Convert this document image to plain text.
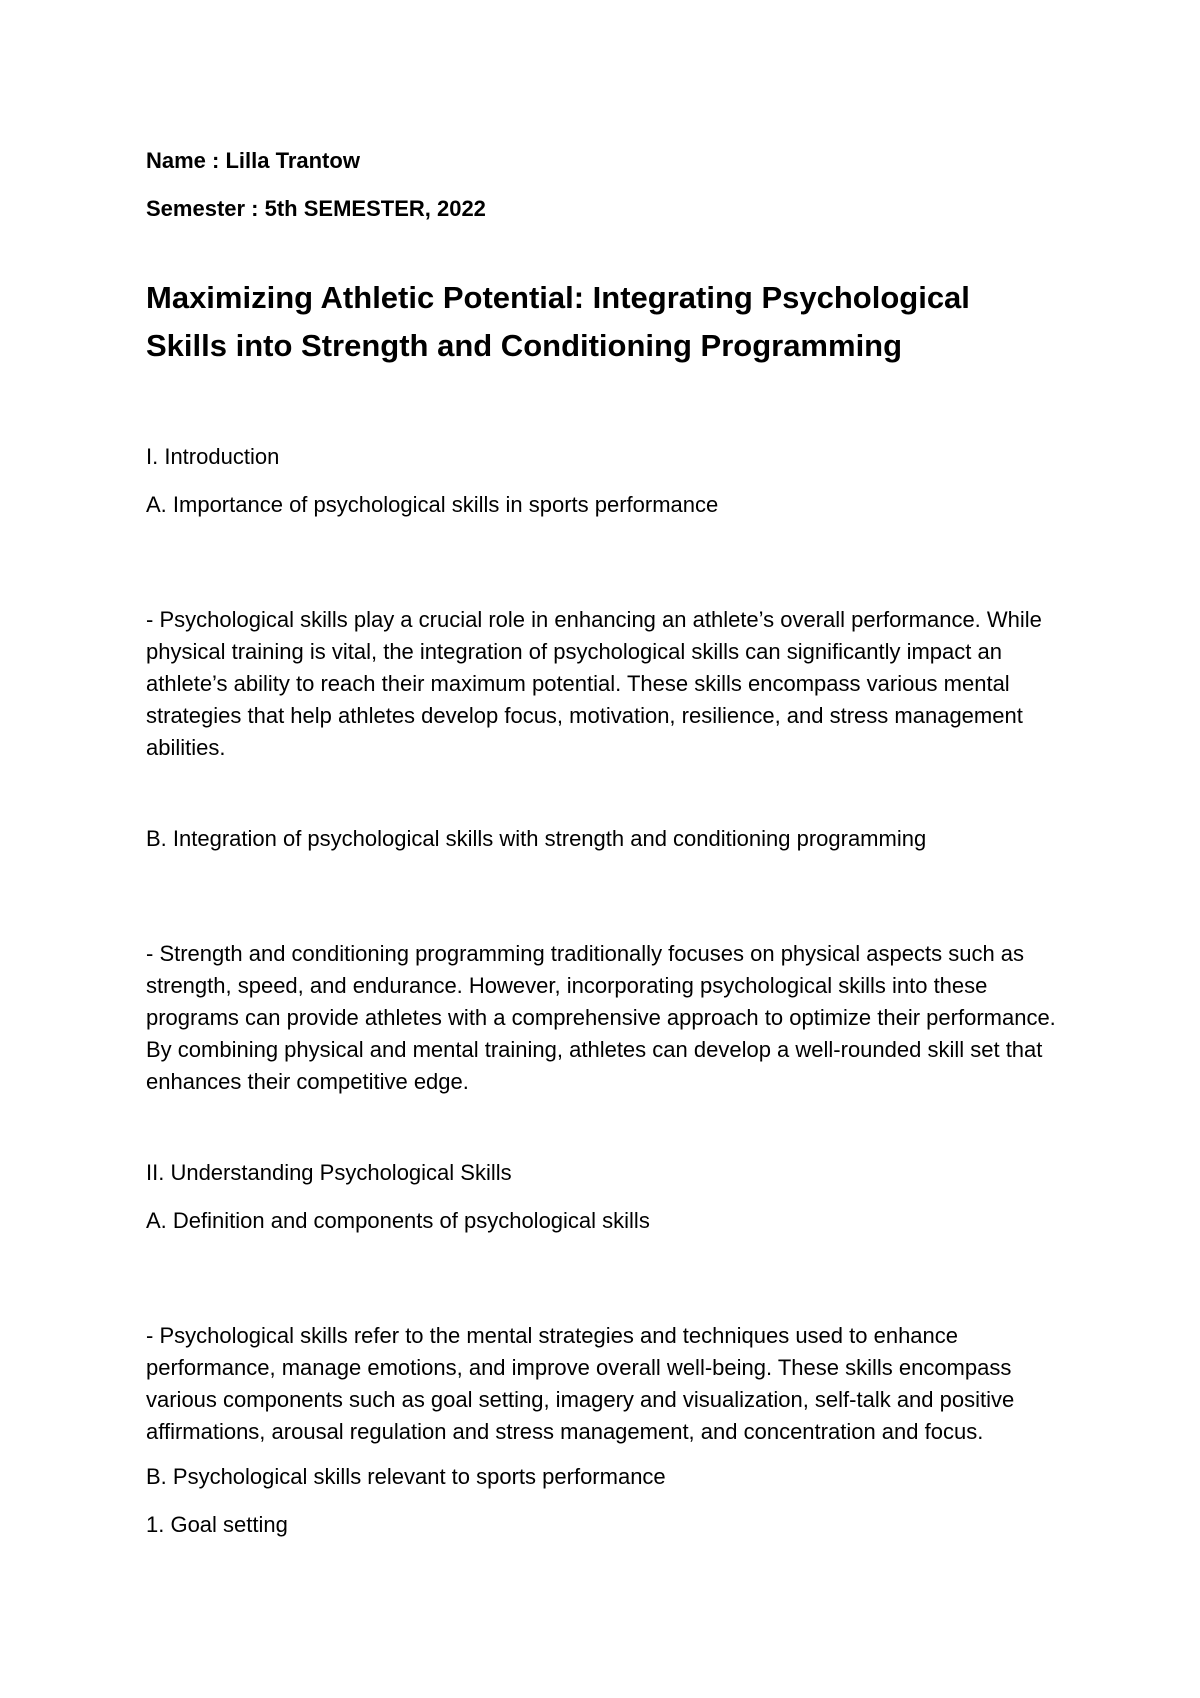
Name : Lilla Trantow

Semester : 5th SEMESTER, 2022

Maximizing Athletic Potential: Integrating Psychological
Skills into Strength and Conditioning Programming

I. Introduction

A. Importance of psychological skills in sports performance

- Psychological skills play a crucial role in enhancing an athlete’s overall performance. While physical training is vital, the integration of psychological skills can significantly impact an athlete’s ability to reach their maximum potential. These skills encompass various mental strategies that help athletes develop focus, motivation, resilience, and stress management abilities.

B. Integration of psychological skills with strength and conditioning programming

- Strength and conditioning programming traditionally focuses on physical aspects such as strength, speed, and endurance. However, incorporating psychological skills into these programs can provide athletes with a comprehensive approach to optimize their performance. By combining physical and mental training, athletes can develop a well-rounded skill set that enhances their competitive edge.

II. Understanding Psychological Skills

A. Definition and components of psychological skills

- Psychological skills refer to the mental strategies and techniques used to enhance performance, manage emotions, and improve overall well-being. These skills encompass various components such as goal setting, imagery and visualization, self-talk and positive affirmations, arousal regulation and stress management, and concentration and focus.

B. Psychological skills relevant to sports performance

1. Goal setting
